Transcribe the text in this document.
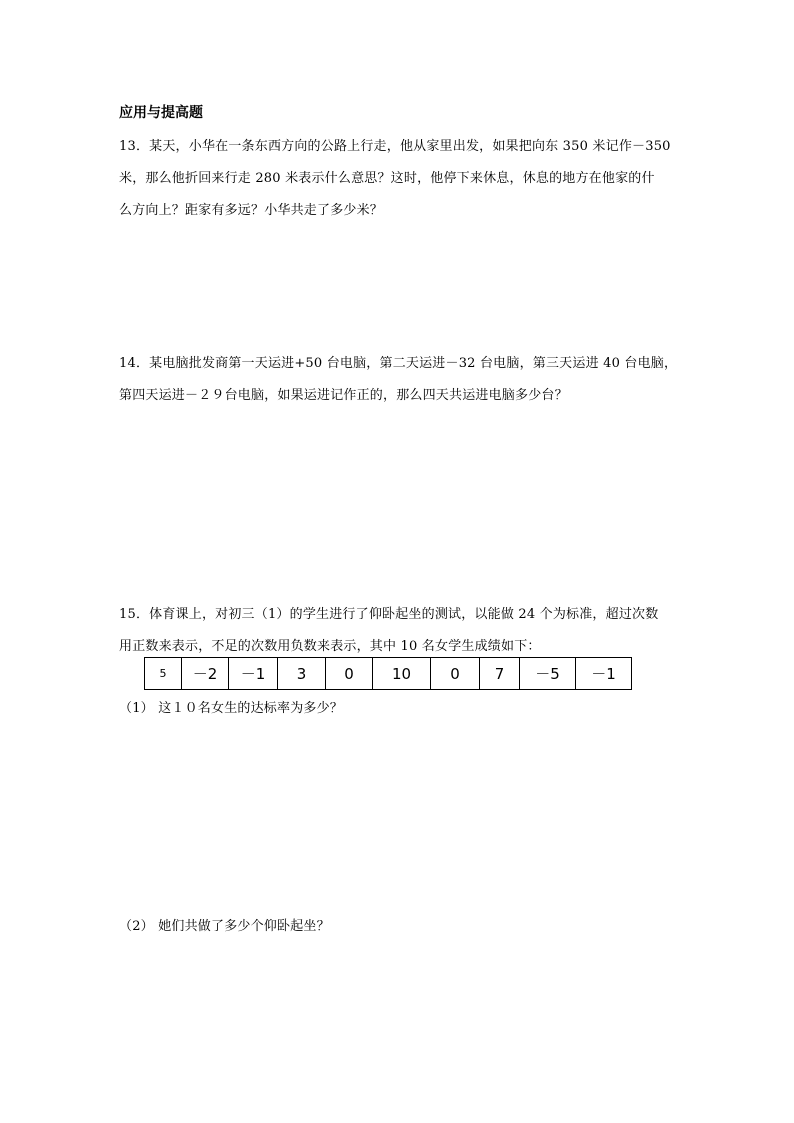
应用与提高题
13．某天，小华在一条东西方向的公路上行走，他从家里出发，如果把向东 350 米记作－350
米，那么他折回来行走 280 米表示什么意思？这时，他停下来休息，休息的地方在他家的什
么方向上？距家有多远？小华共走了多少米？
14．某电脑批发商第一天运进+50 台电脑，第二天运进－32 台电脑，第三天运进 40 台电脑，
第四天运进－２９台电脑，如果运进记作正的，那么四天共运进电脑多少台？
15．体育课上，对初三（1）的学生进行了仰卧起坐的测试，以能做 24 个为标准，超过次数
用正数来表示，不足的次数用负数来表示，其中 10 名女学生成绩如下：
5	－2	－1	3	0	10	0	7	－5	－1
（1） 这１０名女生的达标率为多少？
（2） 她们共做了多少个仰卧起坐？
